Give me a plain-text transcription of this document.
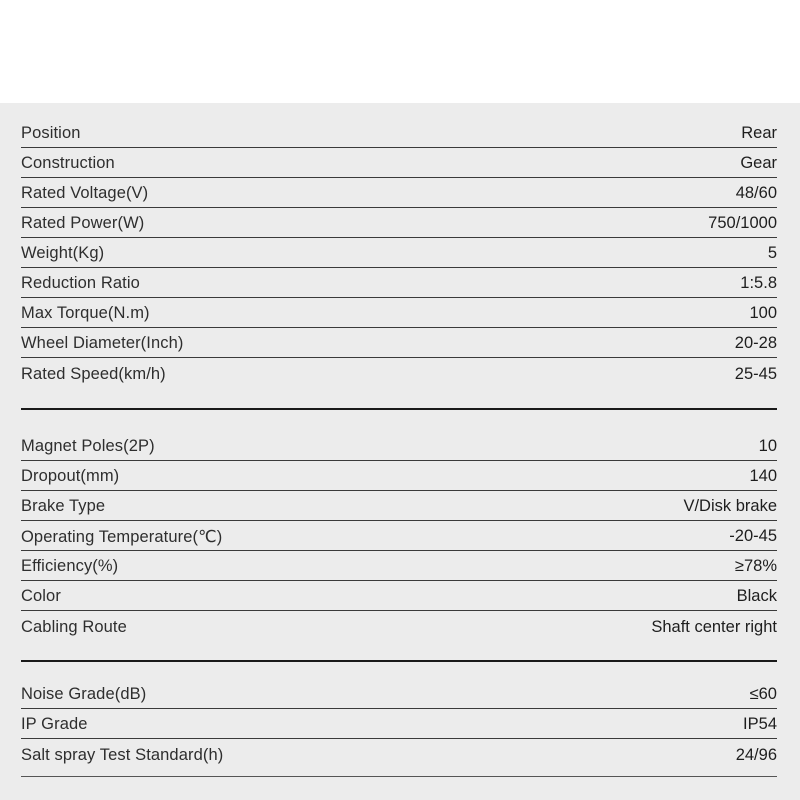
Position	Rear
Construction	Gear
Rated Voltage(V)	48/60
Rated Power(W)	750/1000
Weight(Kg)	5
Reduction Ratio	1:5.8
Max Torque(N.m)	100
Wheel Diameter(Inch)	20-28
Rated Speed(km/h)	25-45
Magnet Poles(2P)	10
Dropout(mm)	140
Brake Type	V/Disk brake
Operating Temperature(℃)	-20-45
Efficiency(%)	≥78%
Color	Black
Cabling Route	Shaft center right
Noise Grade(dB)	≤60
IP Grade	IP54
Salt spray Test Standard(h)	24/96
